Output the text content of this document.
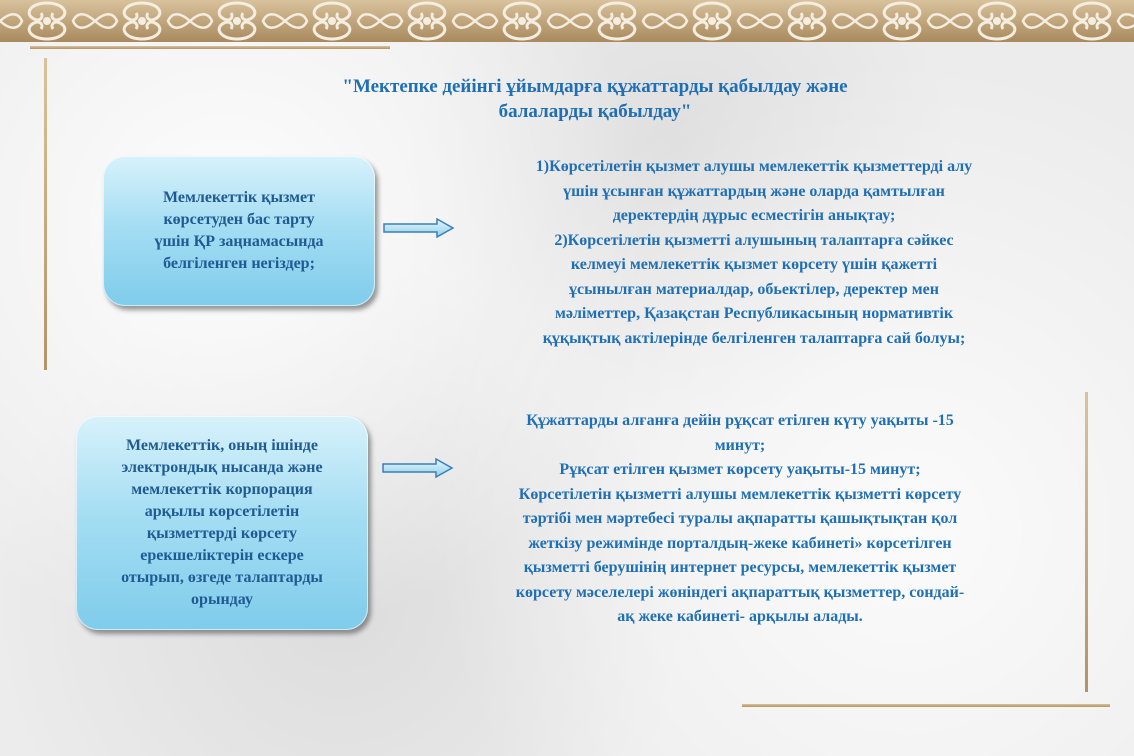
"Мектепке дейінгі ұйымдарға құжаттарды қабылдау және
балаларды қабылдау"
Мемлекеттік қызмет
көрсетуден бас тарту
үшін ҚР заңнамасында
белгіленген негіздер;
1)Көрсетілетін қызмет алушы мемлекеттік қызметтерді алу
үшін ұсынған құжаттардың және оларда қамтылған
деректердің дұрыс есместігін анықтау;
2)Көрсетілетін қызметті алушының талаптарға сәйкес
келмеуі мемлекеттік қызмет көрсету үшін қажетті
ұсынылған материалдар, обьектілер, деректер мен
мәліметтер, Қазақстан Республикасының нормативтік
құқықтық актілерінде белгіленген талаптарға сай болуы;
Мемлекеттік, оның ішінде
электрондық нысанда және
мемлекеттік корпорация
арқылы көрсетілетін
қызметтерді көрсету
ерекшеліктерін ескере
отырып, өзгеде талаптарды
орындау
Құжаттарды алғанға дейін рұқсат етілген күту уақыты -15
минут;
Рұқсат етілген қызмет көрсету уақыты-15 минут;
Көрсетілетін қызметті алушы мемлекеттік қызметті көрсету
тәртібі мен мәртебесі туралы ақпаратты қашықтықтан қол
жеткізу режимінде порталдың-жеке кабинеті» көрсетілген
қызметті берушінің интернет ресурсы, мемлекеттік қызмет
көрсету мәселелері жөніндегі ақпараттық қызметтер, сондай-
ақ жеке кабинеті- арқылы алады.
